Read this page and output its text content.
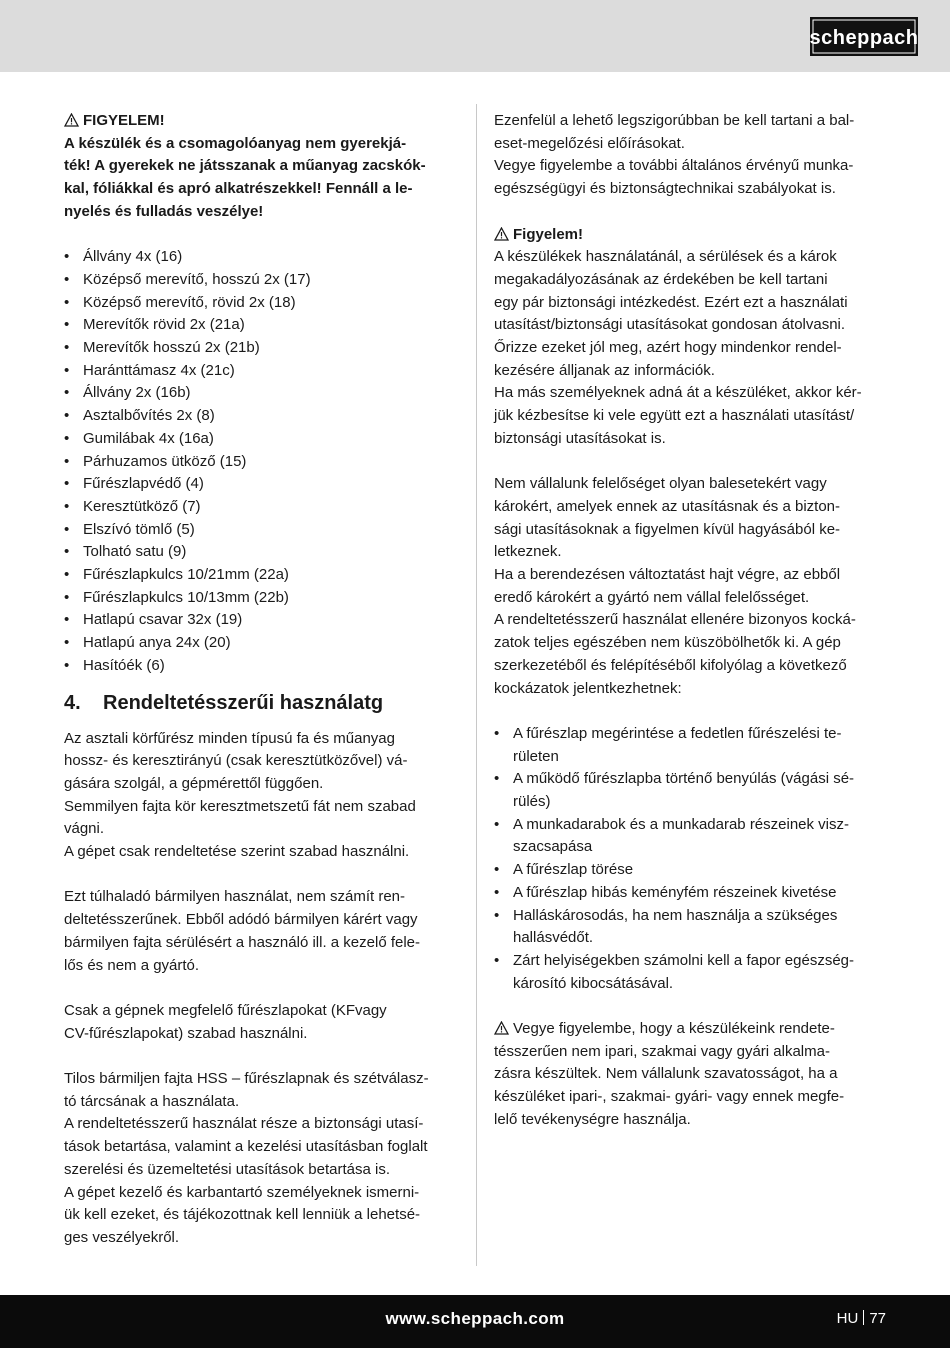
scheppach
FIGYELEM!
A készülék és a csomagolóanyag nem gyerekjá-
ték! A gyerekek ne játsszanak a műanyag zacskók-
kal, fóliákkal és apró alkatrészekkel! Fennáll a le-
nyelés és fulladás veszélye!
• Állvány 4x (16)
• Középső merevítő, hosszú 2x (17)
• Középső merevítő, rövid 2x (18)
• Merevítők rövid 2x (21a)
• Merevítők hosszú 2x (21b)
• Haránttámasz 4x (21c)
• Állvány 2x (16b)
• Asztalbővítés 2x (8)
• Gumilábak 4x (16a)
• Párhuzamos ütköző (15)
• Fűrészlapvédő (4)
• Keresztütköző (7)
• Elszívó tömlő (5)
• Tolható satu (9)
• Fűrészlapkulcs 10/21mm (22a)
• Fűrészlapkulcs 10/13mm (22b)
• Hatlapú csavar 32x (19)
• Hatlapú anya 24x (20)
• Hasítóék (6)
4. Rendeltetésszerűi használatg

Az asztali körfűrész minden típusú fa és műanyag

hossz- és keresztirányú (csak keresztütközővel) vá-

gására szolgál, a gépmérettől függően.

Semmilyen fajta kör keresztmetszetű fát nem szabad

vágni.

A gépet csak rendeltetése szerint szabad használni.

Ezt túlhaladó bármilyen használat, nem számít ren-

deltetésszerűnek. Ebből adódó bármilyen kárért vagy

bármilyen fajta sérülésért a használó ill. a kezelő fele-

lős és nem a gyártó.

Csak a gépnek megfelelő fűrészlapokat (KFvagy

CV-fűrészlapokat) szabad használni.

Tilos bármiljen fajta HSS – fűrészlapnak és szétválasz-

tó tárcsának a használata.

A rendeltetésszerű használat része a biztonsági utasí-

tások betartása, valamint a kezelési utasításban foglalt

szerelési és üzemeltetési utasítások betartása is.

A gépet kezelő és karbantartó személyeknek ismerni-

ük kell ezeket, és tájékozottnak kell lenniük a lehetsé-

ges veszélyekről.

Ezenfelül a lehető legszigorúbban be kell tartani a bal-

eset-megelőzési előírásokat.

Vegye figyelembe a további általános érvényű munka-

egészségügyi és biztonságtechnikai szabályokat is.

Figyelem!

A készülékek használatánál, a sérülések és a károk

megakadályozásának az érdekében be kell tartani

egy pár biztonsági intézkedést. Ezért ezt a használati

utasítást/biztonsági utasításokat gondosan átolvasni.

Őrizze ezeket jól meg, azért hogy mindenkor rendel-

kezésére álljanak az információk.

Ha más személyeknek adná át a készüléket, akkor kér-

jük kézbesítse ki vele együtt ezt a használati utasítást/

biztonsági utasításokat is.

Nem vállalunk felelőséget olyan balesetekért vagy

károkért, amelyek ennek az utasításnak és a bizton-

sági utasításoknak a figyelmen kívül hagyásából ke-

letkeznek.

Ha a berendezésen változtatást hajt végre, az ebből

eredő károkért a gyártó nem vállal felelősséget.

A rendeltetésszerű használat ellenére bizonyos kocká-

zatok teljes egészében nem küszöbölhetők ki. A gép

szerkezetéből és felépítéséből kifolyólag a következő

kockázatok jelentkezhetnek:

• A fűrészlap megérintése a fedetlen fűrészelési te-
rületen
• A működő fűrészlapba történő benyúlás (vágási sé-
rülés)
• A munkadarabok és a munkadarab részeinek visz-
szacsapása
• A fűrészlap törése
• A fűrészlap hibás keményfém részeinek kivetése
• Halláskárosodás, ha nem használja a szükséges
hallásvédőt.
• Zárt helyiségekben számolni kell a fapor egészség-
károsító kibocsátásával.

Vegye figyelembe, hogy a készülékeink rendete-

tésszerűen nem ipari, szakmai vagy gyári alkalma-

zásra készültek. Nem vállalunk szavatosságot, ha a

készüléket ipari-, szakmai- gyári- vagy ennek megfe-

lelő tevékenységre használja.

www.scheppach.com	HU 77
